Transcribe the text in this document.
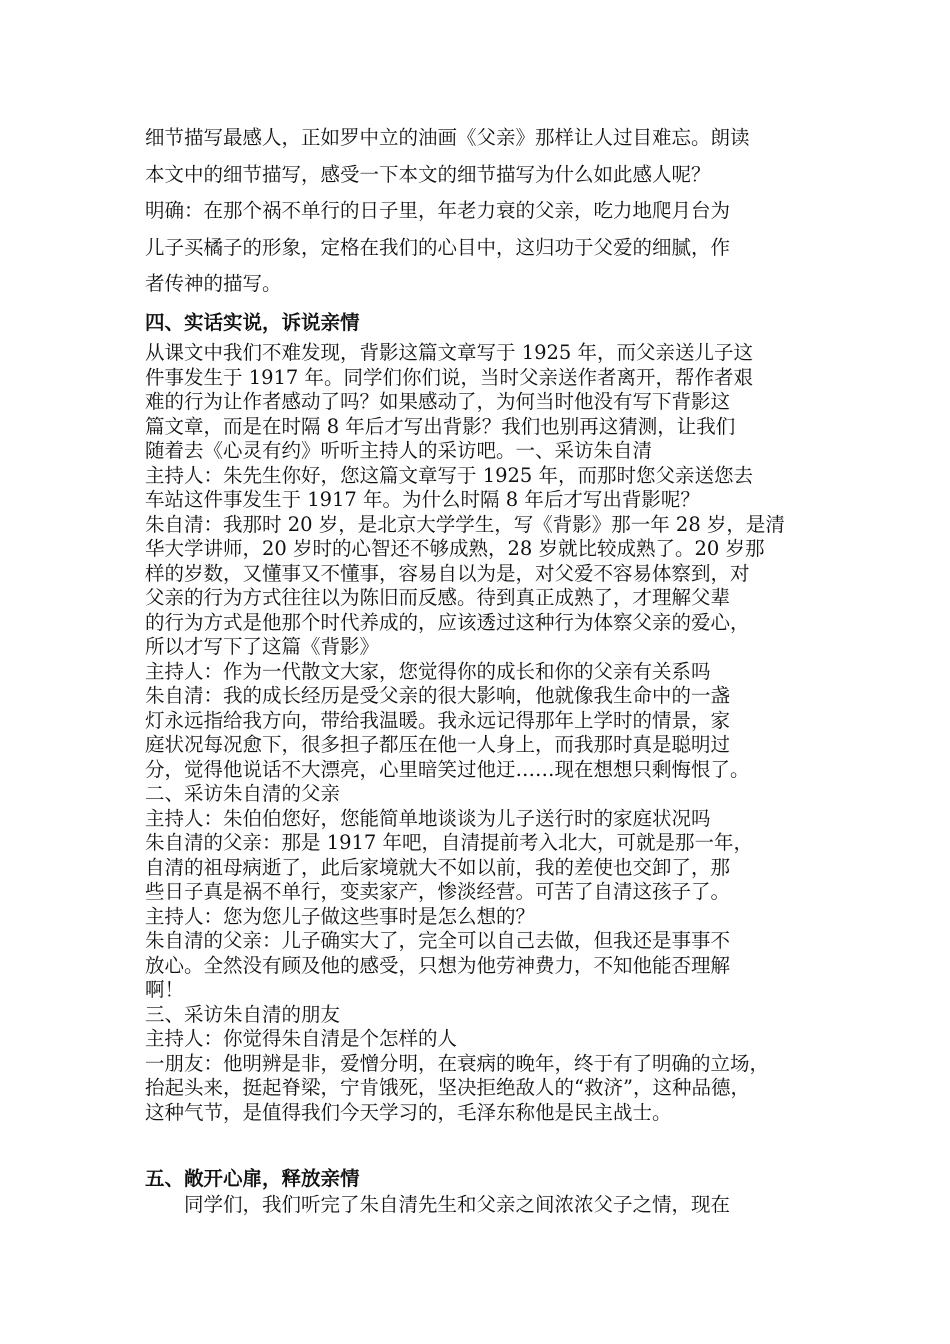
细节描写最感人，正如罗中立的油画《父亲》那样让人过目难忘。朗读

本文中的细节描写，感受一下本文的细节描写为什么如此感人呢？

明确：在那个祸不单行的日子里，年老力衰的父亲，吃力地爬月台为

儿子买橘子的形象，定格在我们的心目中，这归功于父爱的细腻，作

者传神的描写。

四、实话实说，诉说亲情

从课文中我们不难发现，背影这篇文章写于 1925 年，而父亲送儿子这

件事发生于 1917 年。同学们你们说，当时父亲送作者离开，帮作者艰

难的行为让作者感动了吗？如果感动了，为何当时他没有写下背影这

篇文章，而是在时隔 8 年后才写出背影？我们也别再这猜测，让我们

随着去《心灵有约》听听主持人的采访吧。一、采访朱自清

主持人：朱先生你好，您这篇文章写于 1925 年，而那时您父亲送您去

车站这件事发生于 1917 年。为什么时隔 8 年后才写出背影呢？

朱自清：我那时 20 岁，是北京大学学生，写《背影》那一年 28 岁，是清

华大学讲师，20 岁时的心智还不够成熟，28 岁就比较成熟了。20 岁那

样的岁数，又懂事又不懂事，容易自以为是，对父爱不容易体察到，对

父亲的行为方式往往以为陈旧而反感。待到真正成熟了，才理解父辈

的行为方式是他那个时代养成的，应该透过这种行为体察父亲的爱心，

所以才写下了这篇《背影》

主持人：作为一代散文大家，您觉得你的成长和你的父亲有关系吗

朱自清：我的成长经历是受父亲的很大影响，他就像我生命中的一盏

灯永远指给我方向，带给我温暖。我永远记得那年上学时的情景，家

庭状况每况愈下，很多担子都压在他一人身上，而我那时真是聪明过

分，觉得他说话不大漂亮，心里暗笑过他迂……现在想想只剩悔恨了。

二、采访朱自清的父亲

主持人：朱伯伯您好，您能简单地谈谈为儿子送行时的家庭状况吗

朱自清的父亲：那是 1917 年吧，自清提前考入北大，可就是那一年，

自清的祖母病逝了，此后家境就大不如以前，我的差使也交卸了，那

些日子真是祸不单行，变卖家产，惨淡经营。可苦了自清这孩子了。

主持人：您为您儿子做这些事时是怎么想的？

朱自清的父亲：儿子确实大了，完全可以自己去做，但我还是事事不

放心。全然没有顾及他的感受，只想为他劳神费力，不知他能否理解

啊！

三、采访朱自清的朋友

主持人：你觉得朱自清是个怎样的人

一朋友：他明辨是非，爱憎分明，在衰病的晚年，终于有了明确的立场，

抬起头来，挺起脊梁，宁肯饿死，坚决拒绝敌人的“救济”，这种品德，

这种气节，是值得我们今天学习的，毛泽东称他是民主战士。

五、敞开心扉，释放亲情

　　同学们，我们听完了朱自清先生和父亲之间浓浓父子之情，现在
